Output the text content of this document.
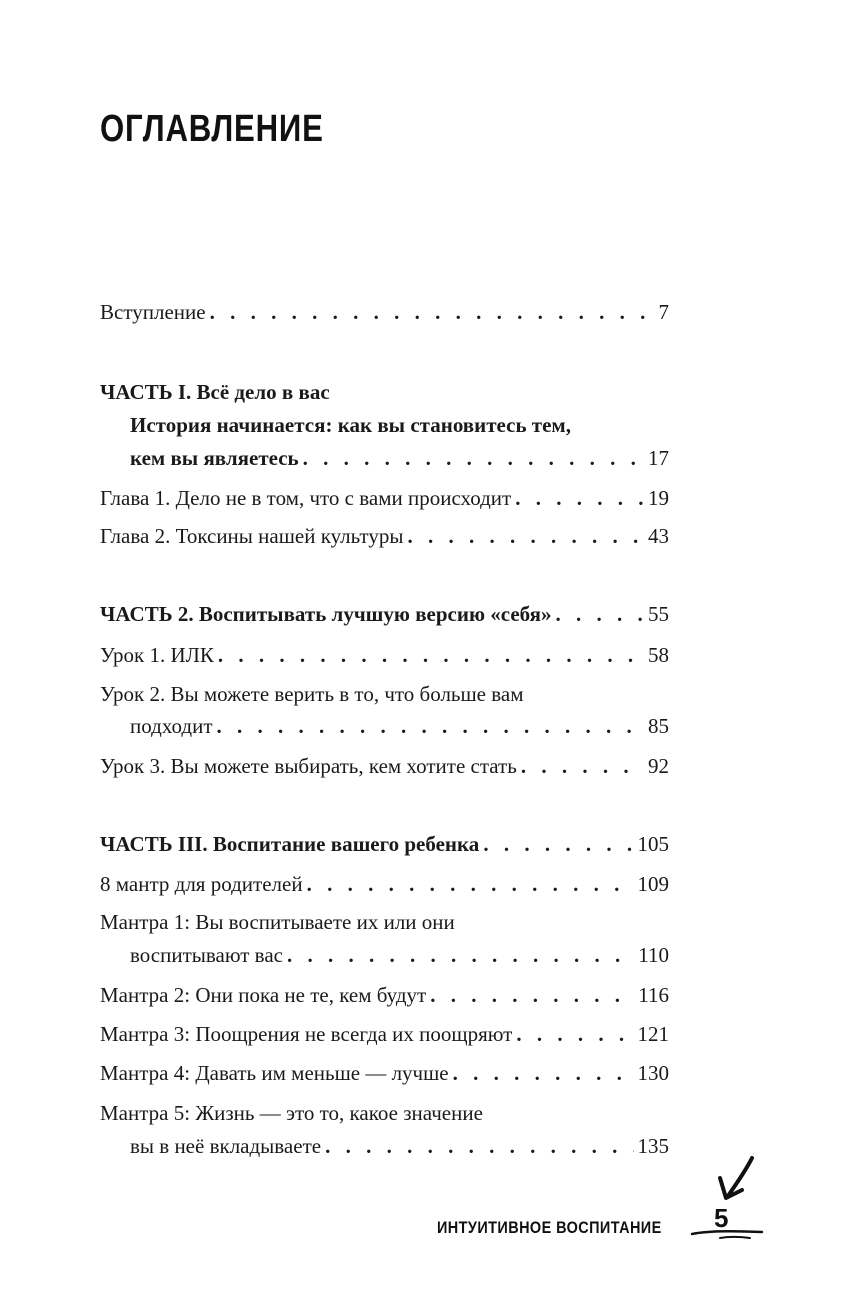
ОГЛАВЛЕНИЕ
Вступление . . .	7
ЧАСТЬ I. Всё дело в вас
История начинается: как вы становитесь тем,
кем вы являетесь . . .	17
Глава 1. Дело не в том, что с вами происходит . . .	19
Глава 2. Токсины нашей культуры . . .	43
ЧАСТЬ 2. Воспитывать лучшую версию «себя» . . .	55
Урок 1. ИЛК . . .	58
Урок 2. Вы можете верить в то, что больше вам
подходит . . .	85
Урок 3. Вы можете выбирать, кем хотите стать . . .	92
ЧАСТЬ III. Воспитание вашего ребенка . . .	105
8 мантр для родителей . . .	109
Мантра 1: Вы воспитываете их или они
воспитывают вас . . .	110
Мантра 2: Они пока не те, кем будут . . .	116
Мантра 3: Поощрения не всегда их поощряют . . .	121
Мантра 4: Давать им меньше — лучше . . .	130
Мантра 5: Жизнь — это то, какое значение
вы в неё вкладываете . . .	135
ИНТУИТИВНОЕ ВОСПИТАНИЕ 5
